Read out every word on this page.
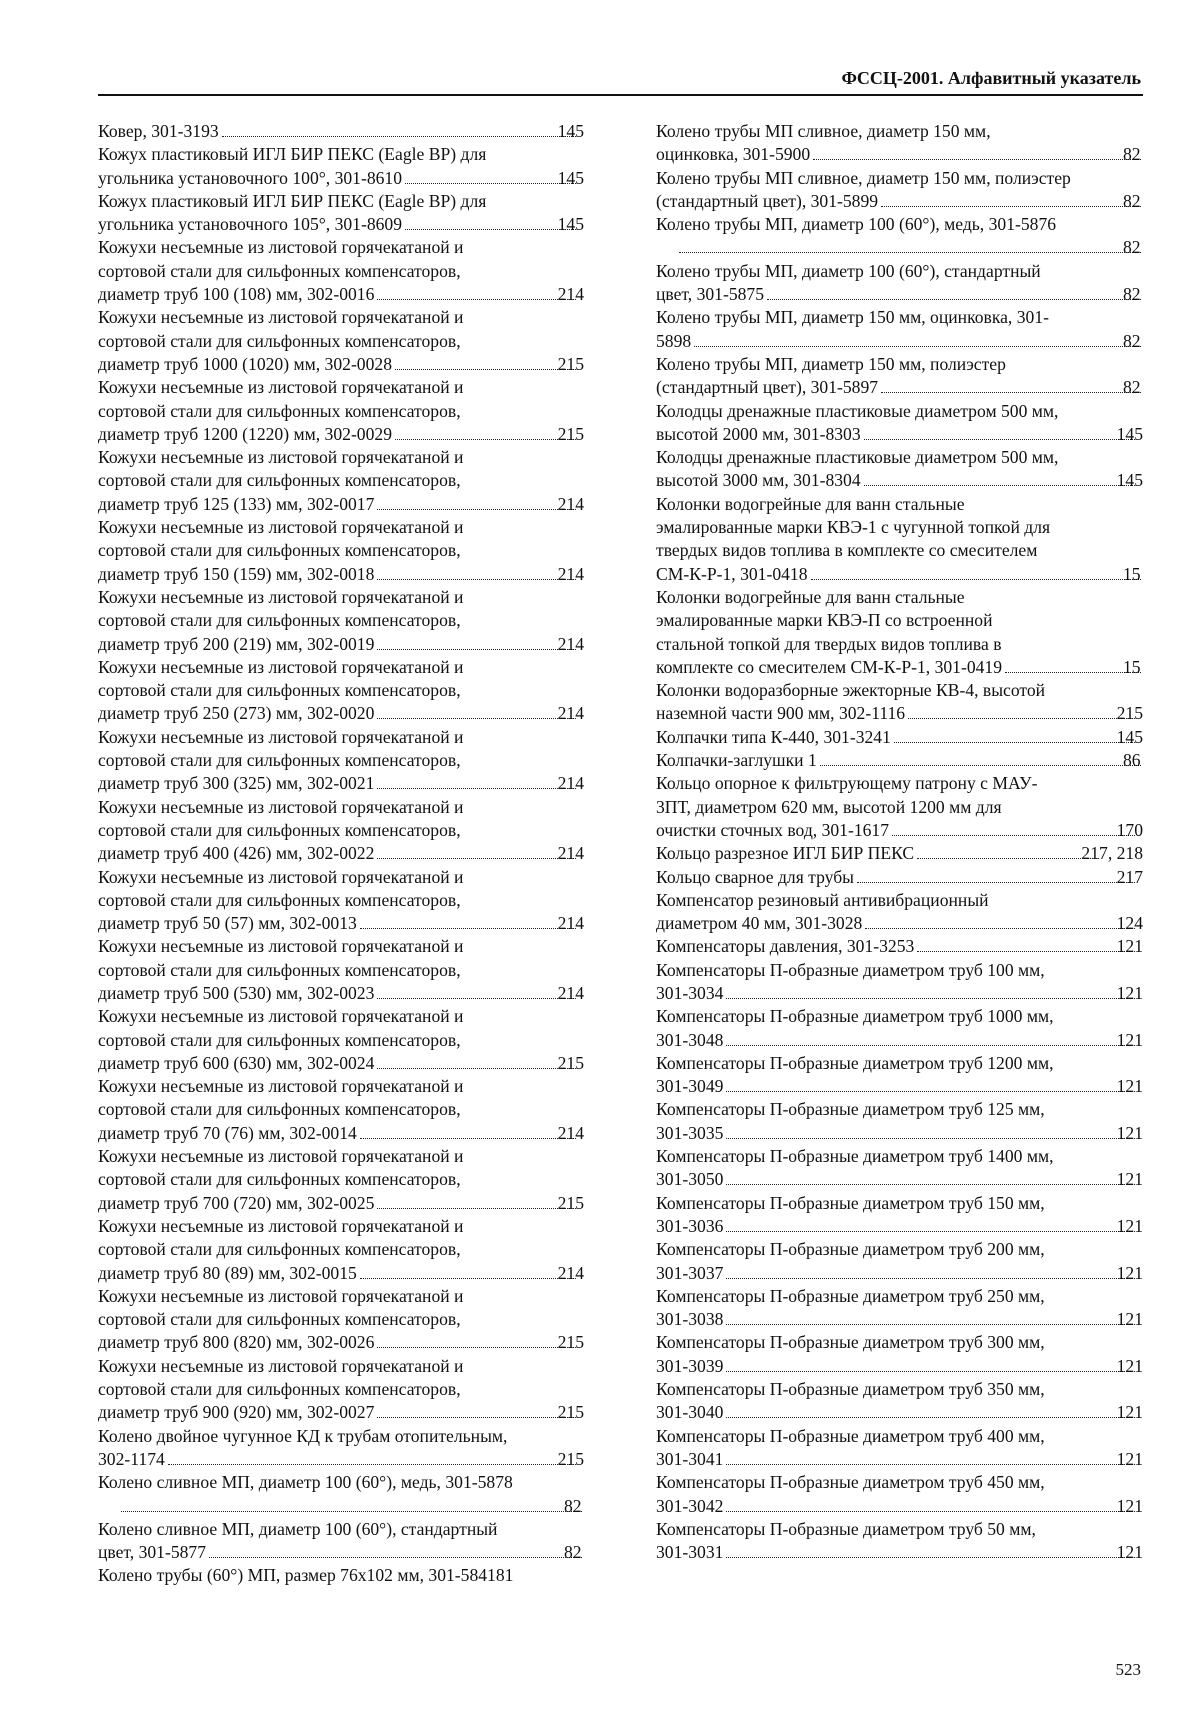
ФССЦ-2001. Алфавитный указатель
Ковер, 301-3193	145
Кожух пластиковый ИГЛ БИР ПЕКС (Eagle BP) для
угольника установочного 100°, 301-8610	145
Кожух пластиковый ИГЛ БИР ПЕКС (Eagle BP) для
угольника установочного 105°, 301-8609	145
Кожухи несъемные из листовой горячекатаной и
сортовой стали для сильфонных компенсаторов,
диаметр труб 100 (108) мм, 302-0016	214
Кожухи несъемные из листовой горячекатаной и
сортовой стали для сильфонных компенсаторов,
диаметр труб 1000 (1020) мм, 302-0028	215
Кожухи несъемные из листовой горячекатаной и
сортовой стали для сильфонных компенсаторов,
диаметр труб 1200 (1220) мм, 302-0029	215
Кожухи несъемные из листовой горячекатаной и
сортовой стали для сильфонных компенсаторов,
диаметр труб 125 (133) мм, 302-0017	214
Кожухи несъемные из листовой горячекатаной и
сортовой стали для сильфонных компенсаторов,
диаметр труб 150 (159) мм, 302-0018	214
Кожухи несъемные из листовой горячекатаной и
сортовой стали для сильфонных компенсаторов,
диаметр труб 200 (219) мм, 302-0019	214
Кожухи несъемные из листовой горячекатаной и
сортовой стали для сильфонных компенсаторов,
диаметр труб 250 (273) мм, 302-0020	214
Кожухи несъемные из листовой горячекатаной и
сортовой стали для сильфонных компенсаторов,
диаметр труб 300 (325) мм, 302-0021	214
Кожухи несъемные из листовой горячекатаной и
сортовой стали для сильфонных компенсаторов,
диаметр труб 400 (426) мм, 302-0022	214
Кожухи несъемные из листовой горячекатаной и
сортовой стали для сильфонных компенсаторов,
диаметр труб 50 (57) мм, 302-0013	214
Кожухи несъемные из листовой горячекатаной и
сортовой стали для сильфонных компенсаторов,
диаметр труб 500 (530) мм, 302-0023	214
Кожухи несъемные из листовой горячекатаной и
сортовой стали для сильфонных компенсаторов,
диаметр труб 600 (630) мм, 302-0024	215
Кожухи несъемные из листовой горячекатаной и
сортовой стали для сильфонных компенсаторов,
диаметр труб 70 (76) мм, 302-0014	214
Кожухи несъемные из листовой горячекатаной и
сортовой стали для сильфонных компенсаторов,
диаметр труб 700 (720) мм, 302-0025	215
Кожухи несъемные из листовой горячекатаной и
сортовой стали для сильфонных компенсаторов,
диаметр труб 80 (89) мм, 302-0015	214
Кожухи несъемные из листовой горячекатаной и
сортовой стали для сильфонных компенсаторов,
диаметр труб 800 (820) мм, 302-0026	215
Кожухи несъемные из листовой горячекатаной и
сортовой стали для сильфонных компенсаторов,
диаметр труб 900 (920) мм, 302-0027	215
Колено двойное чугунное КД к трубам отопительным,
302-1174	215
Колено сливное МП, диаметр 100 (60°), медь, 301-5878
82
Колено сливное МП, диаметр 100 (60°), стандартный
цвет, 301-5877	82
Колено трубы (60°) МП, размер 76х102 мм, 301-584181
Колено трубы МП сливное, диаметр 150 мм,
оцинковка, 301-5900	82
Колено трубы МП сливное, диаметр 150 мм, полиэстер
(стандартный цвет), 301-5899	82
Колено трубы МП, диаметр 100 (60°), медь, 301-5876
82
Колено трубы МП, диаметр 100 (60°), стандартный
цвет, 301-5875	82
Колено трубы МП, диаметр 150 мм, оцинковка, 301-
5898	82
Колено трубы МП, диаметр 150 мм, полиэстер
(стандартный цвет), 301-5897	82
Колодцы дренажные пластиковые диаметром 500 мм,
высотой 2000 мм, 301-8303	145
Колодцы дренажные пластиковые диаметром 500 мм,
высотой 3000 мм, 301-8304	145
Колонки водогрейные для ванн стальные
эмалированные марки КВЭ-1 с чугунной топкой для
твердых видов топлива в комплекте со смесителем
СМ-К-Р-1, 301-0418	15
Колонки водогрейные для ванн стальные
эмалированные марки КВЭ-П со встроенной
стальной топкой для твердых видов топлива в
комплекте со смесителем СМ-К-Р-1, 301-0419	15
Колонки водоразборные эжекторные КВ-4, высотой
наземной части 900 мм, 302-1116	215
Колпачки типа К-440, 301-3241	145
Колпачки-заглушки 1	86
Кольцо опорное к фильтрующему патрону с МАУ-
3ПТ, диаметром 620 мм, высотой 1200 мм для
очистки сточных вод, 301-1617	170
Кольцо разрезное ИГЛ БИР ПЕКС	217, 218
Кольцо сварное для трубы	217
Компенсатор резиновый антивибрационный
диаметром 40 мм, 301-3028	124
Компенсаторы давления, 301-3253	121
Компенсаторы П-образные диаметром труб 100 мм,
301-3034	121
Компенсаторы П-образные диаметром труб 1000 мм,
301-3048	121
Компенсаторы П-образные диаметром труб 1200 мм,
301-3049	121
Компенсаторы П-образные диаметром труб 125 мм,
301-3035	121
Компенсаторы П-образные диаметром труб 1400 мм,
301-3050	121
Компенсаторы П-образные диаметром труб 150 мм,
301-3036	121
Компенсаторы П-образные диаметром труб 200 мм,
301-3037	121
Компенсаторы П-образные диаметром труб 250 мм,
301-3038	121
Компенсаторы П-образные диаметром труб 300 мм,
301-3039	121
Компенсаторы П-образные диаметром труб 350 мм,
301-3040	121
Компенсаторы П-образные диаметром труб 400 мм,
301-3041	121
Компенсаторы П-образные диаметром труб 450 мм,
301-3042	121
Компенсаторы П-образные диаметром труб 50 мм,
301-3031	121
523
